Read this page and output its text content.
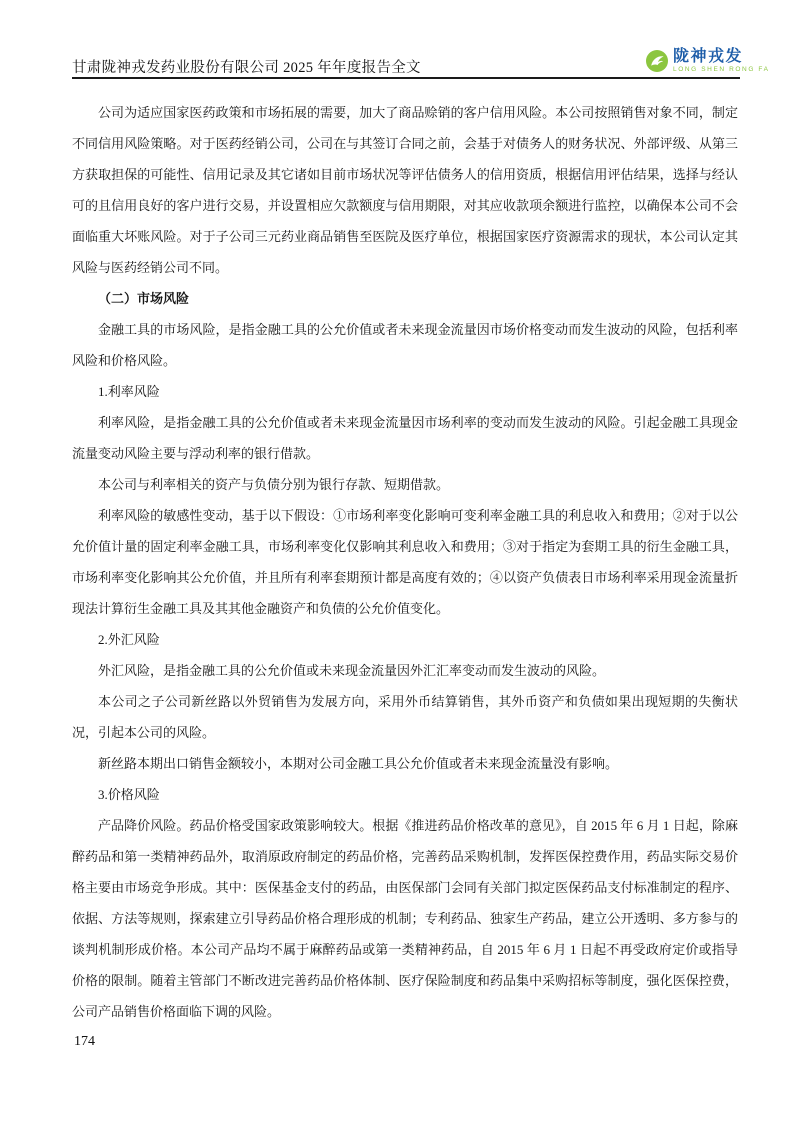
甘肃陇神戎发药业股份有限公司 2025 年年度报告全文
陇神戎发
LONG SHEN RONG FA

公司为适应国家医药政策和市场拓展的需要，加大了商品赊销的客户信用风险。本公司按照销售对象不同，制定不同信用风险策略。对于医药经销公司，公司在与其签订合同之前，会基于对债务人的财务状况、外部评级、从第三方获取担保的可能性、信用记录及其它诸如目前市场状况等评估债务人的信用资质，根据信用评估结果，选择与经认可的且信用良好的客户进行交易，并设置相应欠款额度与信用期限，对其应收款项余额进行监控，以确保本公司不会面临重大坏账风险。对于子公司三元药业商品销售至医院及医疗单位，根据国家医疗资源需求的现状，本公司认定其风险与医药经销公司不同。

（二）市场风险

金融工具的市场风险，是指金融工具的公允价值或者未来现金流量因市场价格变动而发生波动的风险，包括利率风险和价格风险。

1.利率风险

利率风险，是指金融工具的公允价值或者未来现金流量因市场利率的变动而发生波动的风险。引起金融工具现金流量变动风险主要与浮动利率的银行借款。

本公司与利率相关的资产与负债分别为银行存款、短期借款。

利率风险的敏感性变动，基于以下假设：①市场利率变化影响可变利率金融工具的利息收入和费用；②对于以公允价值计量的固定利率金融工具，市场利率变化仅影响其利息收入和费用；③对于指定为套期工具的衍生金融工具，市场利率变化影响其公允价值，并且所有利率套期预计都是高度有效的；④以资产负债表日市场利率采用现金流量折现法计算衍生金融工具及其其他金融资产和负债的公允价值变化。

2.外汇风险

外汇风险，是指金融工具的公允价值或未来现金流量因外汇汇率变动而发生波动的风险。

本公司之子公司新丝路以外贸销售为发展方向，采用外币结算销售，其外币资产和负债如果出现短期的失衡状况，引起本公司的风险。

新丝路本期出口销售金额较小，本期对公司金融工具公允价值或者未来现金流量没有影响。

3.价格风险

产品降价风险。药品价格受国家政策影响较大。根据《推进药品价格改革的意见》，自 2015 年 6 月 1 日起，除麻醉药品和第一类精神药品外，取消原政府制定的药品价格，完善药品采购机制，发挥医保控费作用，药品实际交易价格主要由市场竞争形成。其中：医保基金支付的药品，由医保部门会同有关部门拟定医保药品支付标准制定的程序、依据、方法等规则，探索建立引导药品价格合理形成的机制；专利药品、独家生产药品，建立公开透明、多方参与的谈判机制形成价格。本公司产品均不属于麻醉药品或第一类精神药品，自 2015 年 6 月 1 日起不再受政府定价或指导价格的限制。随着主管部门不断改进完善药品价格体制、医疗保险制度和药品集中采购招标等制度，强化医保控费，公司产品销售价格面临下调的风险。

174
